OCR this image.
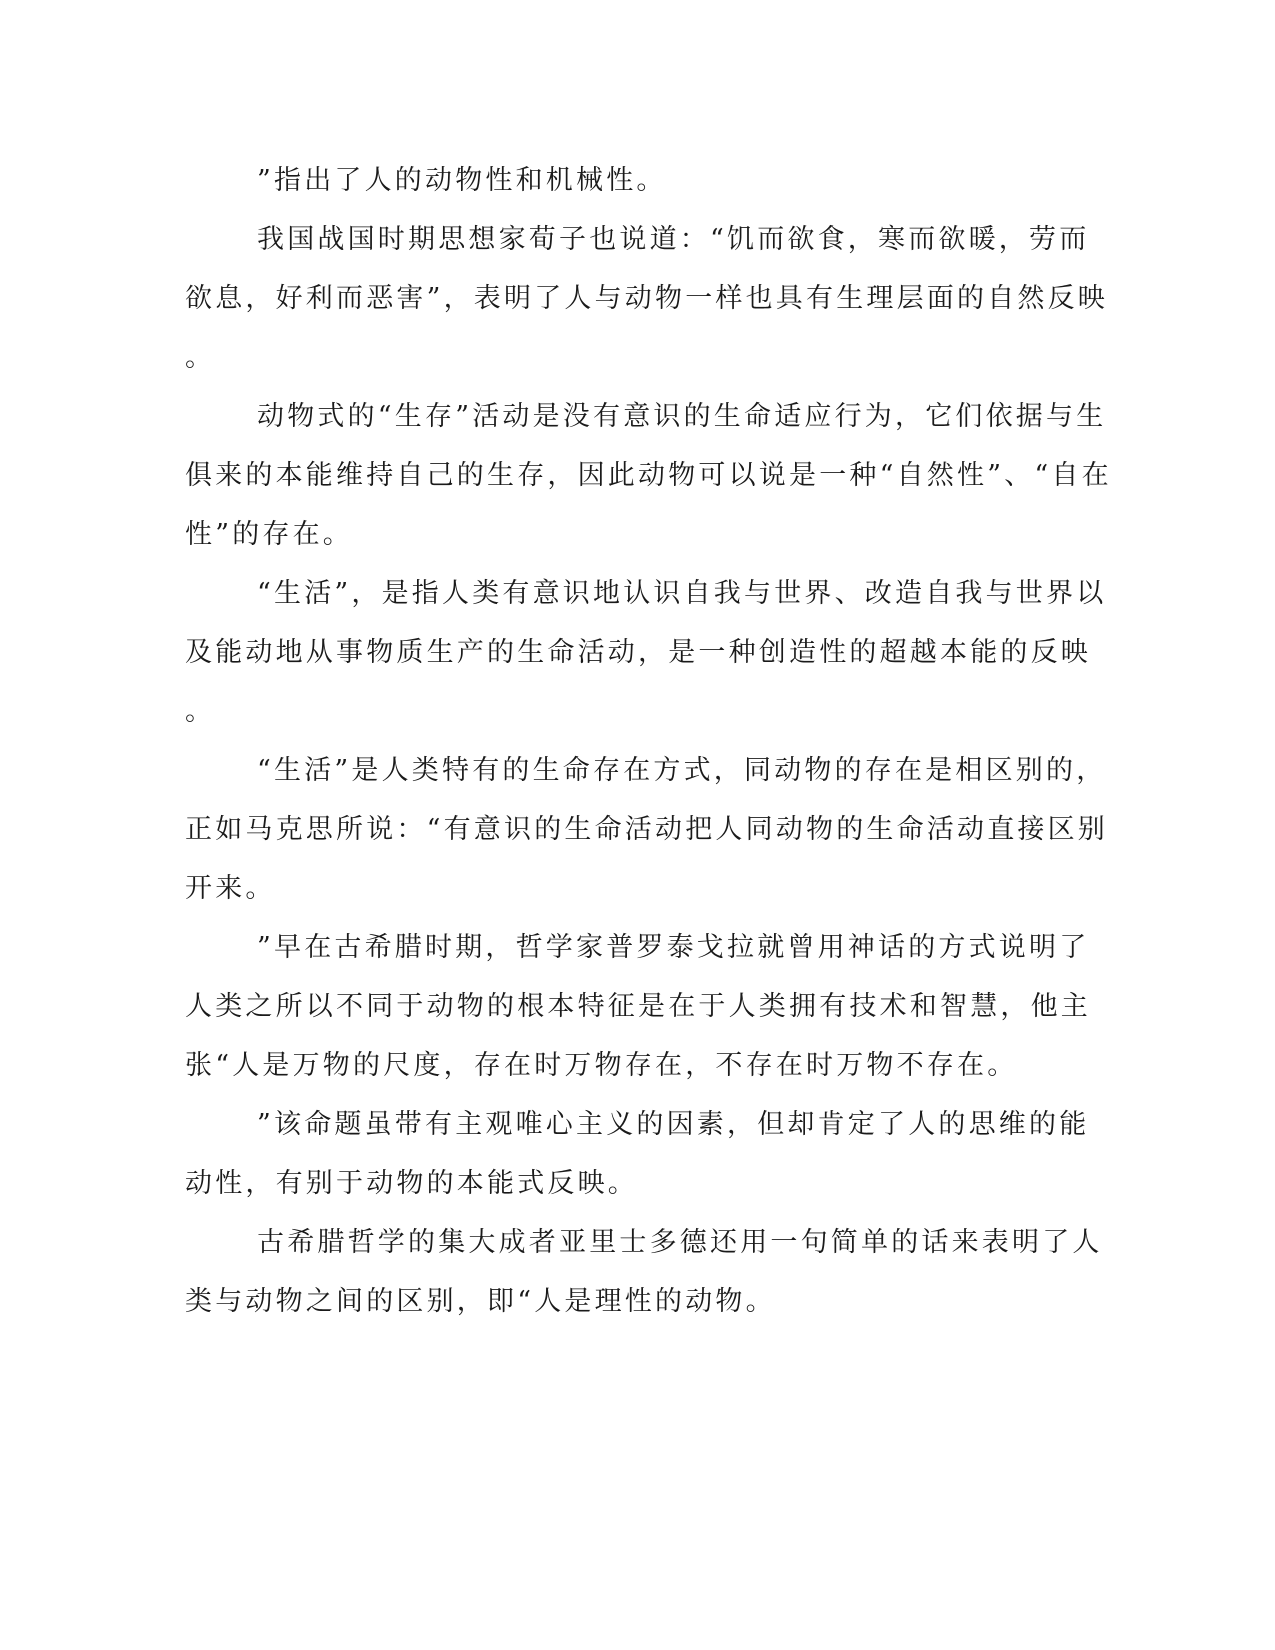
”指出了人的动物性和机械性。
我国战国时期思想家荀子也说道：“饥而欲食，寒而欲暖，劳而
欲息，好利而恶害”，表明了人与动物一样也具有生理层面的自然反映
。
动物式的“生存”活动是没有意识的生命适应行为，它们依据与生
俱来的本能维持自己的生存，因此动物可以说是一种“自然性”、“自在
性”的存在。
“生活”，是指人类有意识地认识自我与世界、改造自我与世界以
及能动地从事物质生产的生命活动，是一种创造性的超越本能的反映
。
“生活”是人类特有的生命存在方式，同动物的存在是相区别的，
正如马克思所说：“有意识的生命活动把人同动物的生命活动直接区别
开来。
”早在古希腊时期，哲学家普罗泰戈拉就曾用神话的方式说明了
人类之所以不同于动物的根本特征是在于人类拥有技术和智慧，他主
张“人是万物的尺度，存在时万物存在，不存在时万物不存在。
”该命题虽带有主观唯心主义的因素，但却肯定了人的思维的能
动性，有别于动物的本能式反映。
古希腊哲学的集大成者亚里士多德还用一句简单的话来表明了人
类与动物之间的区别，即“人是理性的动物。
